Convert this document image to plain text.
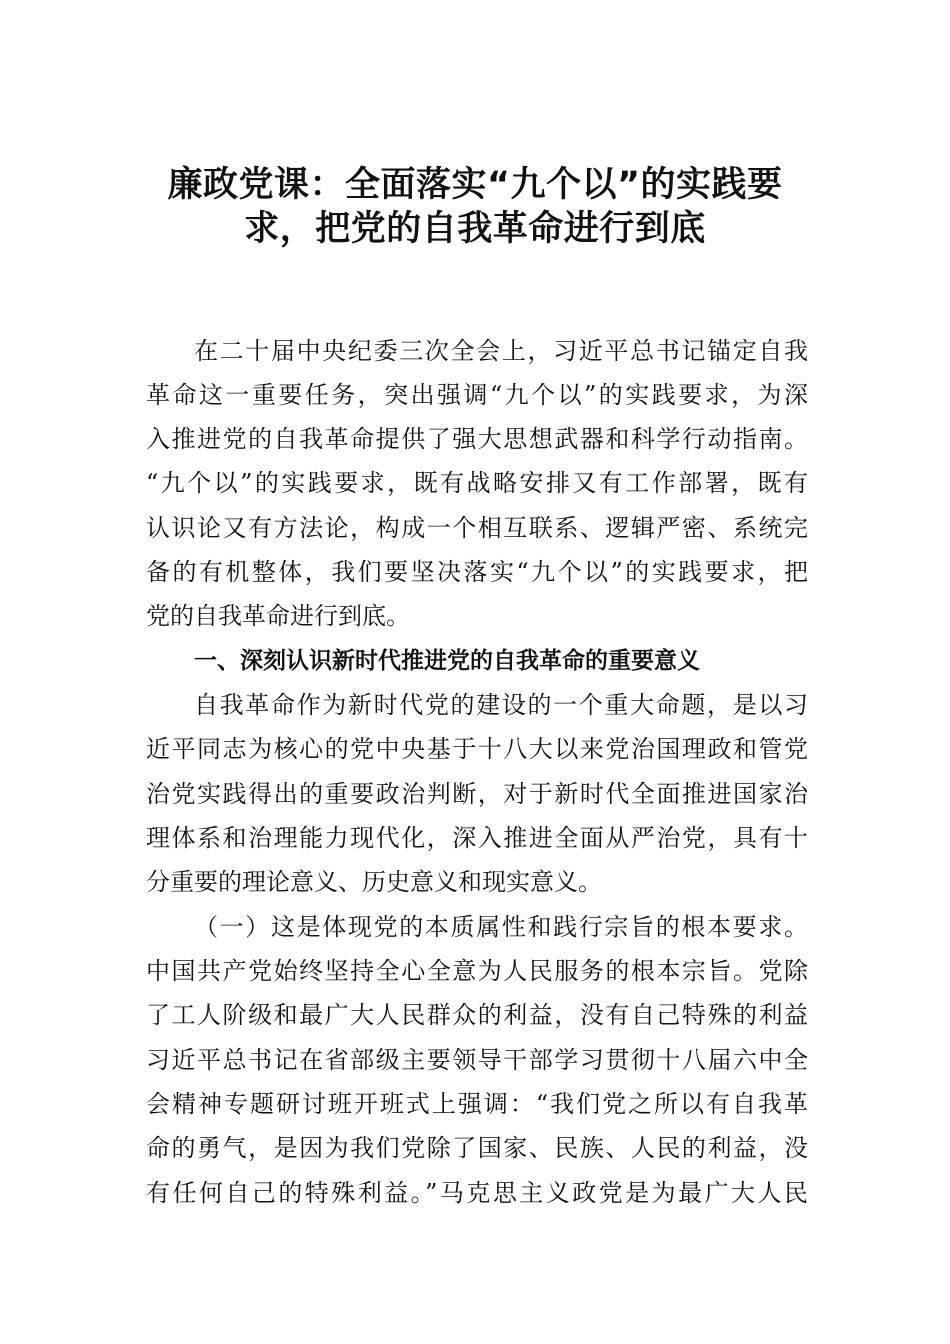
廉政党课：全面落实“九个以”的实践要
求，把党的自我革命进行到底
在二十届中央纪委三次全会上，习近平总书记锚定自我
革命这一重要任务，突出强调“九个以”的实践要求，为深
入推进党的自我革命提供了强大思想武器和科学行动指南。
“九个以”的实践要求，既有战略安排又有工作部署，既有
认识论又有方法论，构成一个相互联系、逻辑严密、系统完
备的有机整体，我们要坚决落实“九个以”的实践要求，把
党的自我革命进行到底。
一、深刻认识新时代推进党的自我革命的重要意义
自我革命作为新时代党的建设的一个重大命题，是以习
近平同志为核心的党中央基于十八大以来党治国理政和管党
治党实践得出的重要政治判断，对于新时代全面推进国家治
理体系和治理能力现代化，深入推进全面从严治党，具有十
分重要的理论意义、历史意义和现实意义。
（一）这是体现党的本质属性和践行宗旨的根本要求。
中国共产党始终坚持全心全意为人民服务的根本宗旨。党除
了工人阶级和最广大人民群众的利益，没有自己特殊的利益
习近平总书记在省部级主要领导干部学习贯彻十八届六中全
会精神专题研讨班开班式上强调：“我们党之所以有自我革
命的勇气，是因为我们党除了国家、民族、人民的利益，没
有任何自己的特殊利益。”马克思主义政党是为最广大人民
